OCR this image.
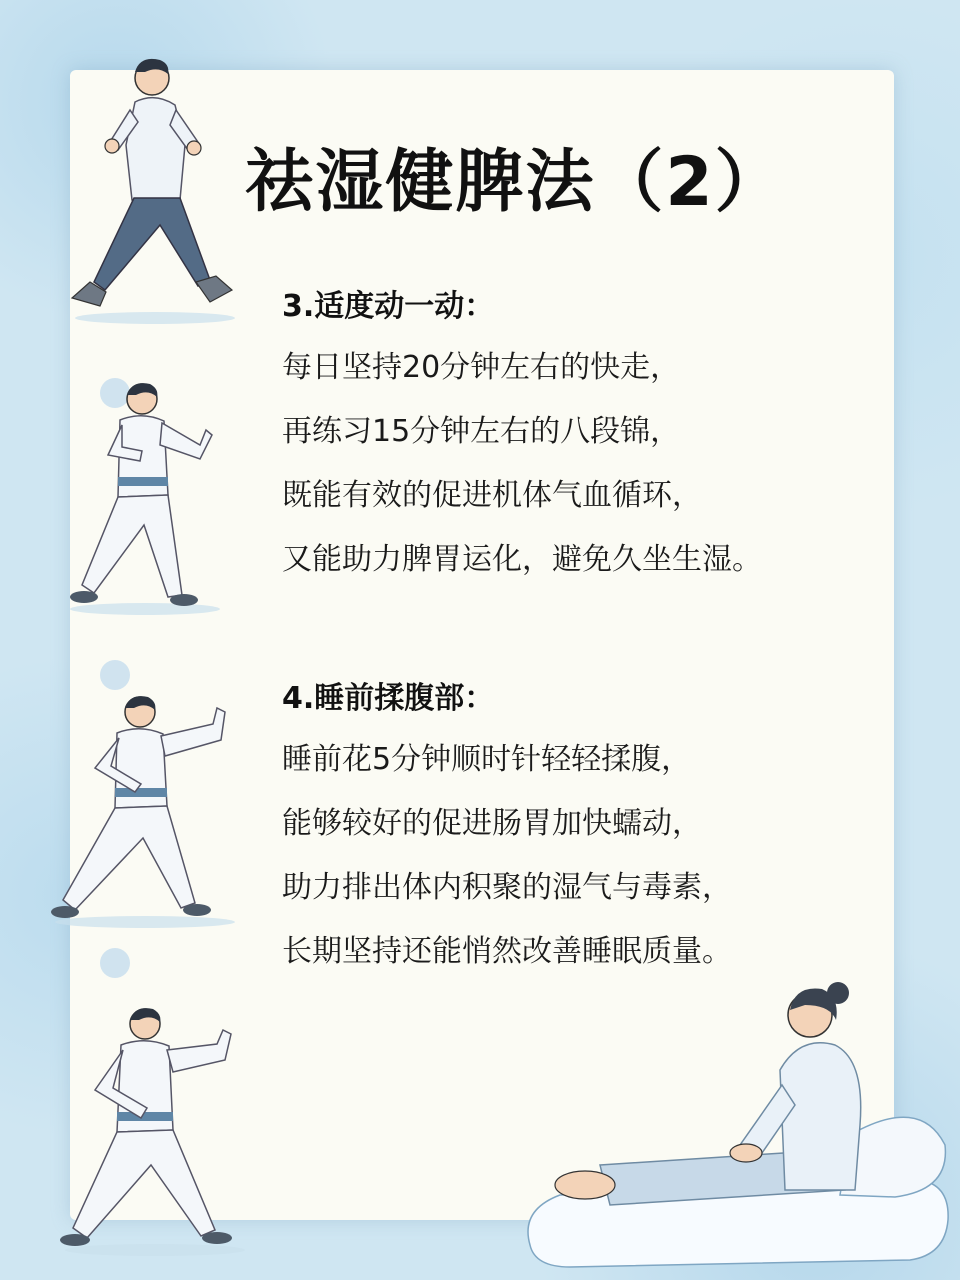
祛湿健脾法（2）
3.适度动一动：
每日坚持20分钟左右的快走，
再练习15分钟左右的八段锦，
既能有效的促进机体气血循环，
又能助力脾胃运化，避免久坐生湿。
4.睡前揉腹部：
睡前花5分钟顺时针轻轻揉腹，
能够较好的促进肠胃加快蠕动，
助力排出体内积聚的湿气与毒素，
长期坚持还能悄然改善睡眠质量。
